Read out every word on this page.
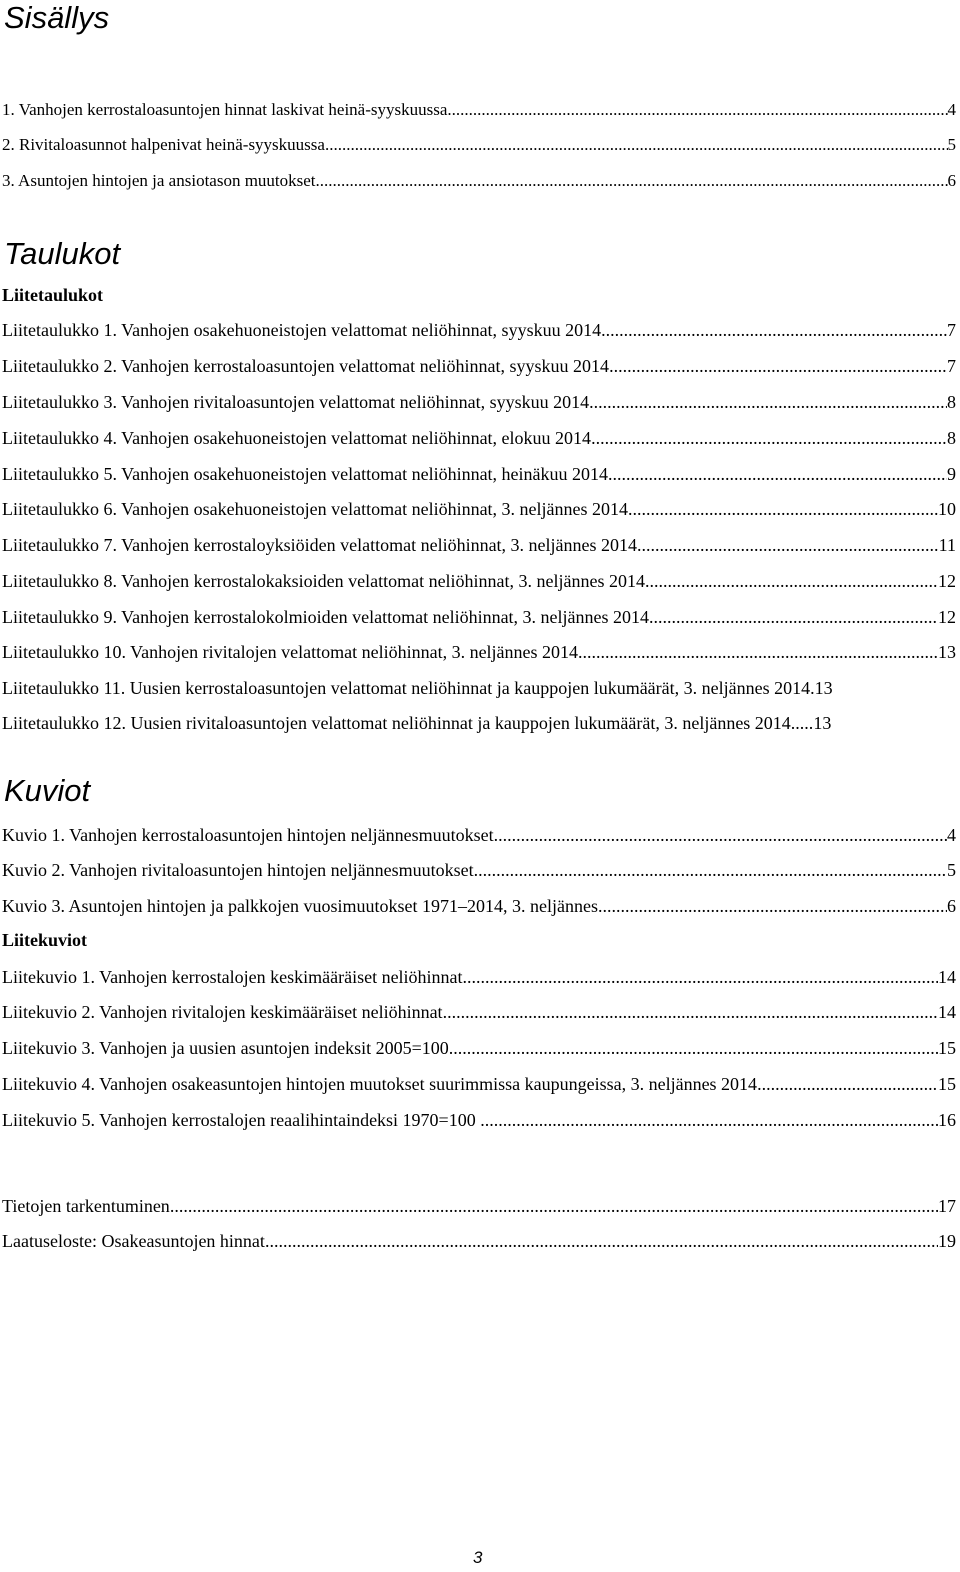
Sisällys
1. Vanhojen kerrostaloasuntojen hinnat laskivat heinä-syyskuussa .....	4
2. Rivitaloasunnot halpenivat heinä-syyskuussa .....	5
3. Asuntojen hintojen ja ansiotason muutokset. .....	6
Taulukot
Liitetaulukot
Liitetaulukko 1. Vanhojen osakehuoneistojen velattomat neliöhinnat, syyskuu 2014 .....	7
Liitetaulukko 2. Vanhojen kerrostaloasuntojen velattomat neliöhinnat, syyskuu 2014 .....	7
Liitetaulukko 3. Vanhojen rivitaloasuntojen velattomat neliöhinnat, syyskuu 2014 .....	8
Liitetaulukko 4. Vanhojen osakehuoneistojen velattomat neliöhinnat, elokuu 2014 .....	8
Liitetaulukko 5. Vanhojen osakehuoneistojen velattomat neliöhinnat, heinäkuu 2014 .....	9
Liitetaulukko 6. Vanhojen osakehuoneistojen velattomat neliöhinnat, 3. neljännes 2014 .....	10
Liitetaulukko 7. Vanhojen kerrostaloyksiöiden velattomat neliöhinnat, 3. neljännes 2014 .....	11
Liitetaulukko 8. Vanhojen kerrostalokaksioiden velattomat neliöhinnat, 3. neljännes 2014 .....	12
Liitetaulukko 9. Vanhojen kerrostalokolmioiden velattomat neliöhinnat, 3. neljännes 2014 .....	12
Liitetaulukko 10. Vanhojen rivitalojen velattomat neliöhinnat, 3. neljännes 2014 .....	13
Liitetaulukko 11. Uusien kerrostaloasuntojen velattomat neliöhinnat ja kauppojen lukumäärät, 3. neljännes 2014. 13
Liitetaulukko 12. Uusien rivitaloasuntojen velattomat neliöhinnat ja kauppojen lukumäärät, 3. neljännes 2014..... 13
Kuviot
Kuvio 1. Vanhojen kerrostaloasuntojen hintojen neljännesmuutokset .....	4
Kuvio 2. Vanhojen rivitaloasuntojen hintojen neljännesmuutokset .....	5
Kuvio 3. Asuntojen hintojen ja palkkojen vuosimuutokset 1971–2014, 3. neljännes .....	6
Liitekuviot
Liitekuvio 1. Vanhojen kerrostalojen keskimääräiset neliöhinnat .....	14
Liitekuvio 2. Vanhojen rivitalojen keskimääräiset neliöhinnat .....	14
Liitekuvio 3. Vanhojen ja uusien asuntojen indeksit 2005=100 .....	15
Liitekuvio 4. Vanhojen osakeasuntojen hintojen muutokset suurimmissa kaupungeissa, 3. neljännes 2014 .....	15
Liitekuvio 5. Vanhojen kerrostalojen reaalihintaindeksi 1970=100 .....	16
Tietojen tarkentuminen .....	17
Laatuseloste: Osakeasuntojen hinnat .....	19
3
